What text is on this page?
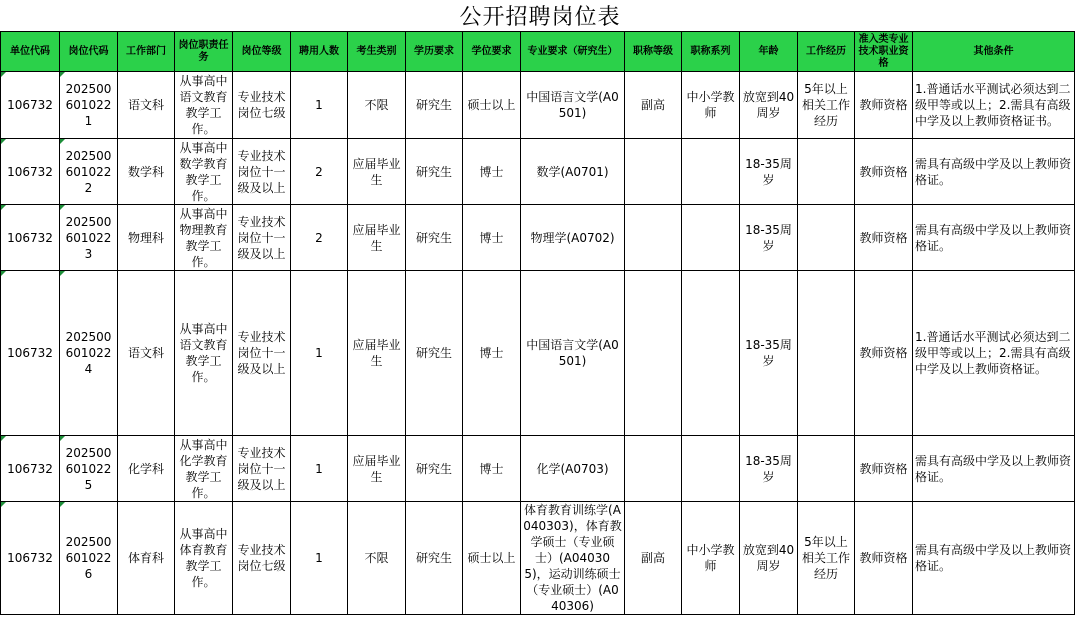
公开招聘岗位表
单位代码	岗位代码	工作部门	岗位职责任务	岗位等级	聘用人数	考生类别	学历要求	学位要求	专业要求（研究生）	职称等级	职称系列	年龄	工作经历	准入类专业技术职业资格	其他条件
106732	2025006010221	语文科	从事高中语文教育教学工作。	专业技术岗位七级	1	不限	研究生	硕士以上	中国语言文学(A0501)	副高	中小学教师	放宽到40周岁	5年以上相关工作经历	教师资格	1.普通话水平测试必须达到二级甲等或以上；2.需具有高级中学及以上教师资格证书。
106732	2025006010222	数学科	从事高中数学教育教学工作。	专业技术岗位十一级及以上	2	应届毕业生	研究生	博士	数学(A0701)			18-35周岁		教师资格	需具有高级中学及以上教师资格证。
106732	2025006010223	物理科	从事高中物理教育教学工作。	专业技术岗位十一级及以上	2	应届毕业生	研究生	博士	物理学(A0702)			18-35周岁		教师资格	需具有高级中学及以上教师资格证。
106732	2025006010224	语文科	从事高中语文教育教学工作。	专业技术岗位十一级及以上	1	应届毕业生	研究生	博士	中国语言文学(A0501)			18-35周岁		教师资格	1.普通话水平测试必须达到二级甲等或以上；2.需具有高级中学及以上教师资格证。
106732	2025006010225	化学科	从事高中化学教育教学工作。	专业技术岗位十一级及以上	1	应届毕业生	研究生	博士	化学(A0703)			18-35周岁		教师资格	需具有高级中学及以上教师资格证。
106732	2025006010226	体育科	从事高中体育教育教学工作。	专业技术岗位七级	1	不限	研究生	硕士以上	体育教育训练学(A040303)，体育教学硕士（专业硕士）(A040305)，运动训练硕士（专业硕士）(A040306)	副高	中小学教师	放宽到40周岁	5年以上相关工作经历	教师资格	需具有高级中学及以上教师资格证。
